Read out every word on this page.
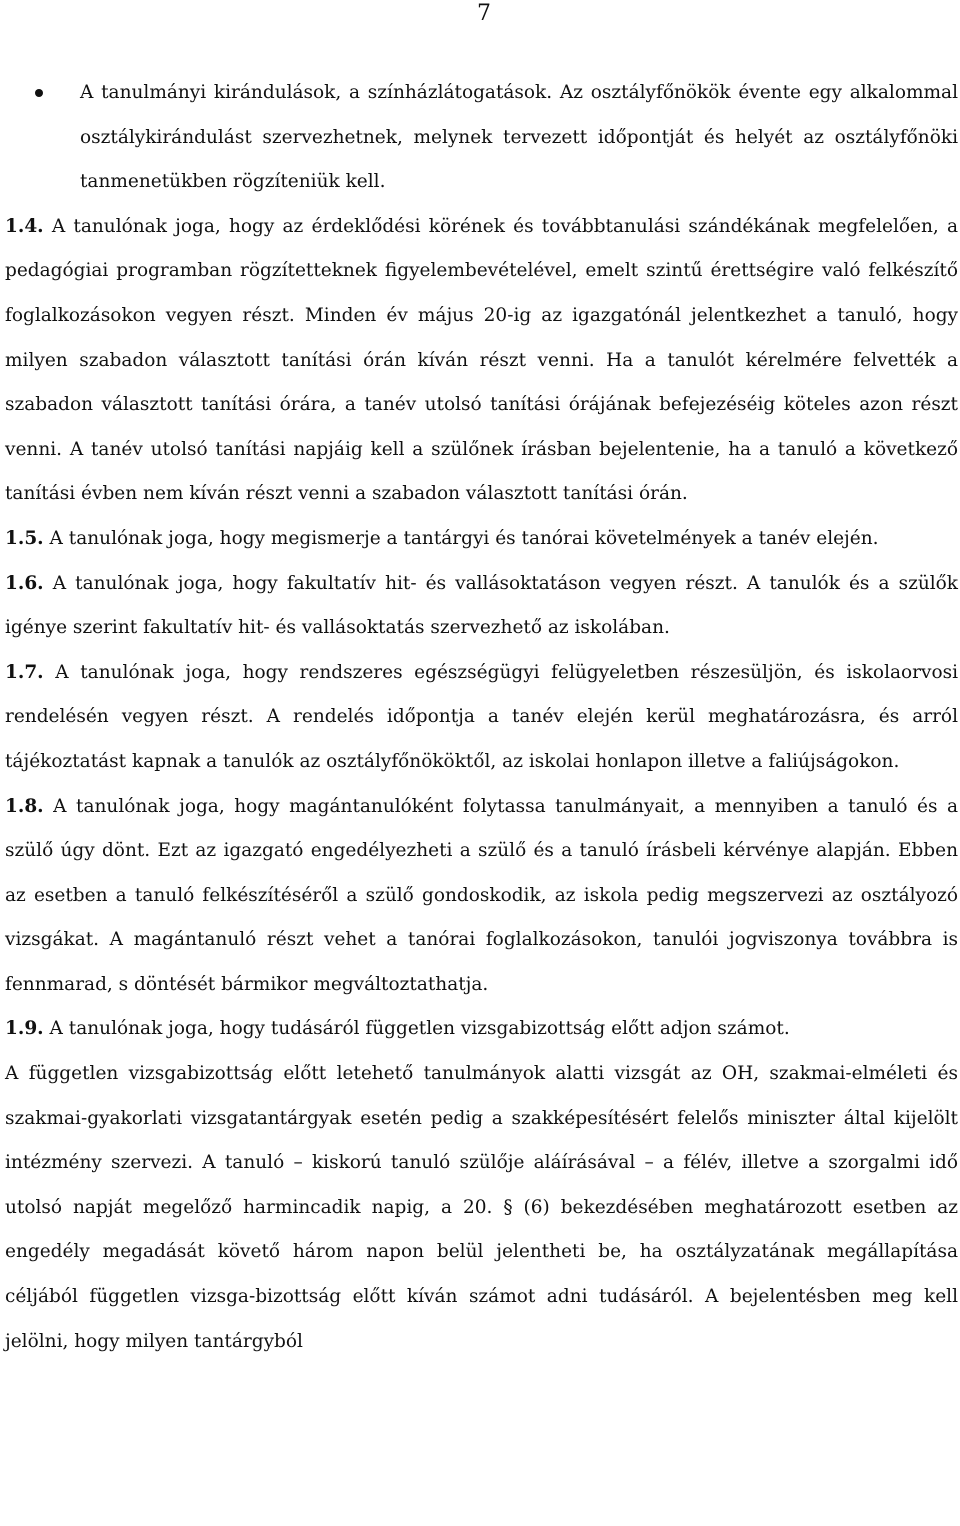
7

A tanulmányi kirándulások, a színházlátogatások. Az osztályfőnökök évente egy alkalommal osztálykirándulást szervezhetnek, melynek tervezett időpontját és helyét az osztályfőnöki tanmenetükben rögzíteniük kell.

1.4. A tanulónak joga, hogy az érdeklődési körének és továbbtanulási szándékának megfelelően, a pedagógiai programban rögzítetteknek figyelembevételével, emelt szintű érettségire való felkészítő foglalkozásokon vegyen részt. Minden év május 20-ig az igazgatónál jelentkezhet a tanuló, hogy milyen szabadon választott tanítási órán kíván részt venni. Ha a tanulót kérelmére felvették a szabadon választott tanítási órára, a tanév utolsó tanítási órájának befejezéséig köteles azon részt venni. A tanév utolsó tanítási napjáig kell a szülőnek írásban bejelentenie, ha a tanuló a következő tanítási évben nem kíván részt venni a szabadon választott tanítási órán.

1.5. A tanulónak joga, hogy megismerje a tantárgyi és tanórai követelmények a tanév elején.

1.6. A tanulónak joga, hogy fakultatív hit- és vallásoktatáson vegyen részt. A tanulók és a szülők igénye szerint fakultatív hit- és vallásoktatás szervezhető az iskolában.

1.7. A tanulónak joga, hogy rendszeres egészségügyi felügyeletben részesüljön, és iskolaorvosi rendelésén vegyen részt. A rendelés időpontja a tanév elején kerül meghatározásra, és arról tájékoztatást kapnak a tanulók az osztályfőnököktől, az iskolai honlapon illetve a faliújságokon.

1.8. A tanulónak joga, hogy magántanulóként folytassa tanulmányait, a mennyiben a tanuló és a szülő úgy dönt. Ezt az igazgató engedélyezheti a szülő és a tanuló írásbeli kérvénye alapján. Ebben az esetben a tanuló felkészítéséről a szülő gondoskodik, az iskola pedig megszervezi az osztályozó vizsgákat. A magántanuló részt vehet a tanórai foglalkozásokon, tanulói jogviszonya továbbra is fennmarad, s döntését bármikor megváltoztathatja.

1.9. A tanulónak joga, hogy tudásáról független vizsgabizottság előtt adjon számot.

A független vizsgabizottság előtt letehető tanulmányok alatti vizsgát az OH, szakmai-elméleti és szakmai-gyakorlati vizsgatantárgyak esetén pedig a szakképesítésért felelős miniszter által kijelölt intézmény szervezi. A tanuló – kiskorú tanuló szülője aláírásával – a félév, illetve a szorgalmi idő utolsó napját megelőző harmincadik napig, a 20. § (6) bekezdésében meghatározott esetben az engedély megadását követő három napon belül jelentheti be, ha osztályzatának megállapítása céljából független vizsga-bizottság előtt kíván számot adni tudásáról. A bejelentésben meg kell jelölni, hogy milyen tantárgyból
